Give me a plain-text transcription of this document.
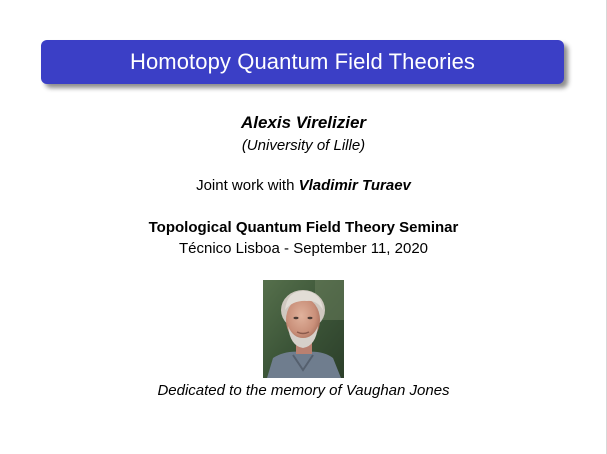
Homotopy Quantum Field Theories
Alexis Virelizier
(University of Lille)
Joint work with Vladimir Turaev
Topological Quantum Field Theory Seminar
Técnico Lisboa - September 11, 2020
Dedicated to the memory of Vaughan Jones
